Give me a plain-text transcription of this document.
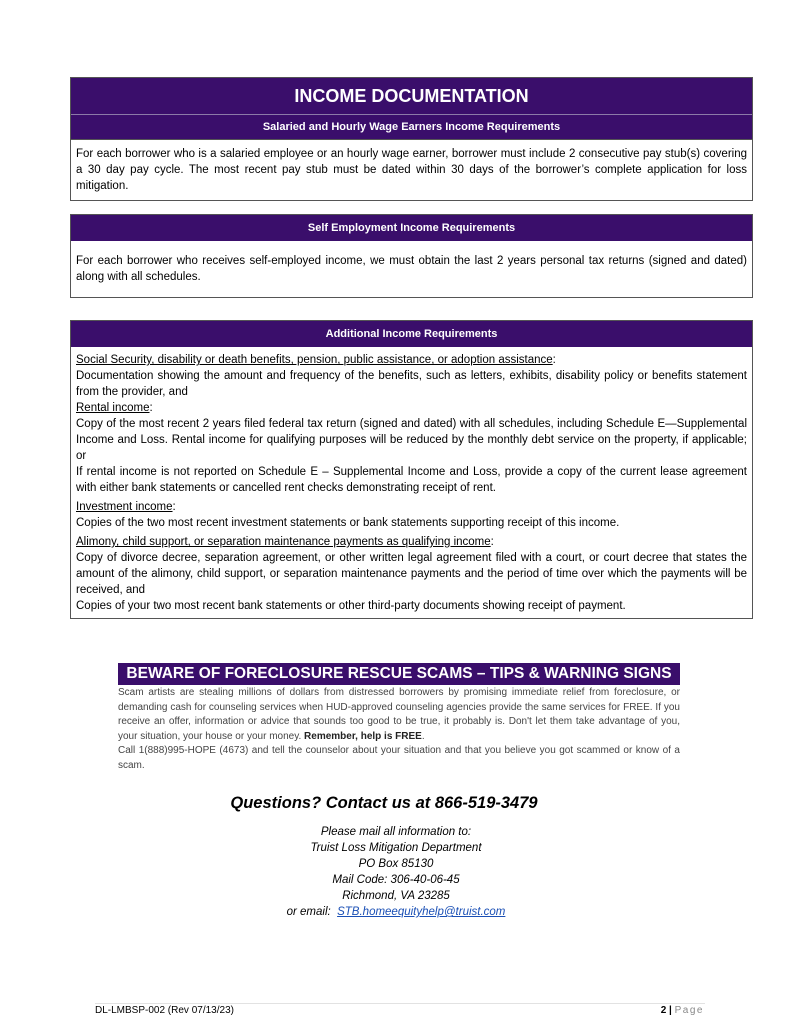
INCOME DOCUMENTATION
Salaried and Hourly Wage Earners Income Requirements

For each borrower who is a salaried employee or an hourly wage earner, borrower must include 2 consecutive pay stub(s) covering a 30 day pay cycle. The most recent pay stub must be dated within 30 days of the borrower’s complete application for loss mitigation.

Self Employment Income Requirements

For each borrower who receives self-employed income, we must obtain the last 2 years personal tax returns (signed and dated) along with all schedules.

Additional Income Requirements

Social Security, disability or death benefits, pension, public assistance, or adoption assistance:

Documentation showing the amount and frequency of the benefits, such as letters, exhibits, disability policy or benefits statement from the provider, and

Rental income:

Copy of the most recent 2 years filed federal tax return (signed and dated) with all schedules, including Schedule E—Supplemental Income and Loss. Rental income for qualifying purposes will be reduced by the monthly debt service on the property, if applicable; or

If rental income is not reported on Schedule E – Supplemental Income and Loss, provide a copy of the current lease agreement with either bank statements or cancelled rent checks demonstrating receipt of rent.

Investment income:

Copies of the two most recent investment statements or bank statements supporting receipt of this income.

Alimony, child support, or separation maintenance payments as qualifying income:

Copy of divorce decree, separation agreement, or other written legal agreement filed with a court, or court decree that states the amount of the alimony, child support, or separation maintenance payments and the period of time over which the payments will be received, and

Copies of your two most recent bank statements or other third-party documents showing receipt of payment.

BEWARE OF FORECLOSURE RESCUE SCAMS – TIPS & WARNING SIGNS

Scam artists are stealing millions of dollars from distressed borrowers by promising immediate relief from foreclosure, or demanding cash for counseling services when HUD-approved counseling agencies provide the same services for FREE. If you receive an offer, information or advice that sounds too good to be true, it probably is. Don't let them take advantage of you, your situation, your house or your money. Remember, help is FREE.

Call 1(888)995-HOPE (4673) and tell the counselor about your situation and that you believe you got scammed or know of a scam.

Questions? Contact us at 866-519-3479
Please mail all information to:
Truist Loss Mitigation Department
PO Box 85130
Mail Code: 306-40-06-45
Richmond, VA 23285
or email: STB.homeequityhelp@truist.com
DL-LMBSP-002 (Rev 07/13/23)	2 | Page
